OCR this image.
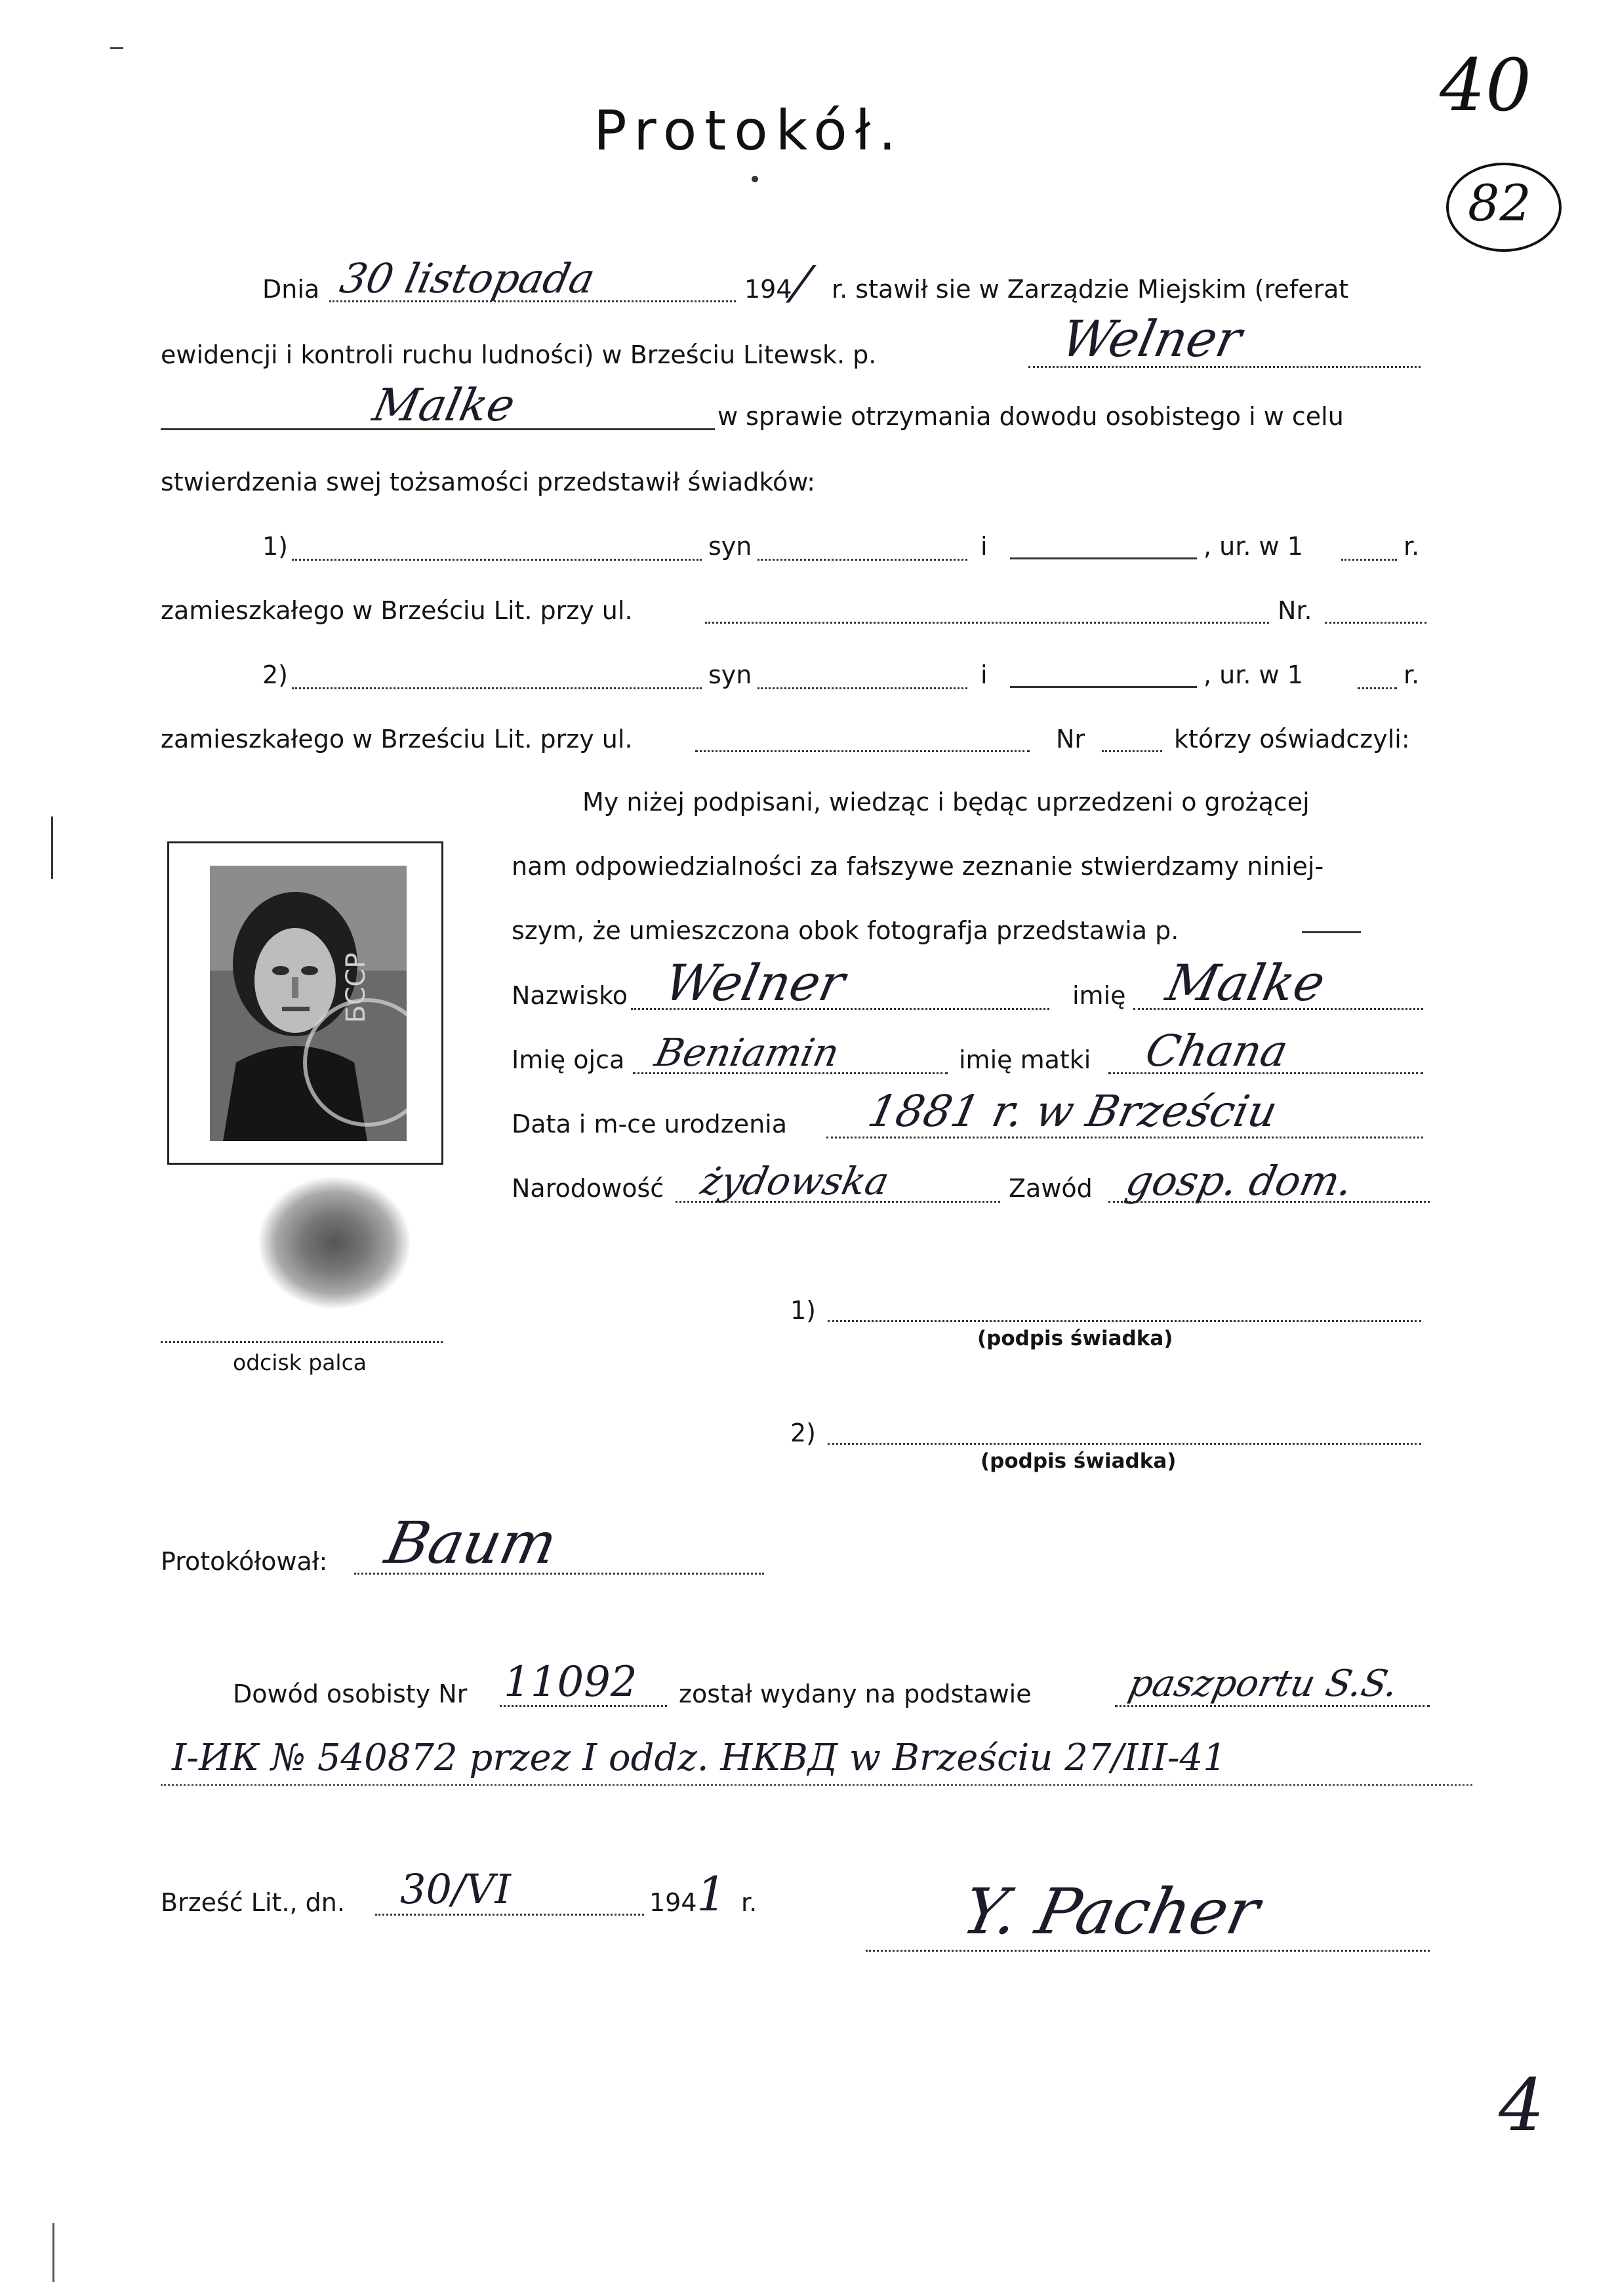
Protokół.
40
82
Dnia 30 listopada	194
/ r. stawił sie w Zarządzie Miejskim (referat
ewidencji i kontroli ruchu ludności) w Brześciu Litewsk. p.	Welner
Malke	w sprawie otrzymania dowodu osobistego i w celu
stwierdzenia swej tożsamości przedstawił świadków:
1)	syn	i	, ur. w 1	r.
zamieszkałego w Brześciu Lit. przy ul.	Nr.
2)	syn	i	, ur. w 1	r.
zamieszkałego w Brześciu Lit. przy ul.	Nr	którzy oświadczyli:
My niżej podpisani, wiedząc i będąc uprzedzeni o grożącej
nam odpowiedzialności za fałszywe zeznanie stwierdzamy niniej-
szym, że umieszczona obok fotografja przedstawia p.
БССР
odcisk palca
Nazwisko Welner	imię Malke
Imię ojca Beniamin	imię matki Chana
Data i m-ce urodzenia 1881 r. w Brześciu
Narodowość żydowska	Zawód gosp. dom.
1)
(podpis świadka)
2)
(podpis świadka)
Protokółował: Baum
Dowód osobisty Nr 11092 został wydany na podstawie	paszportu S.S.
I-ИК № 540872 przez I oddz. НКВД w Brześciu 27/III-41
Brześć Lit., dn. 30/VI	194 1 r.	Y. Pacher
4
